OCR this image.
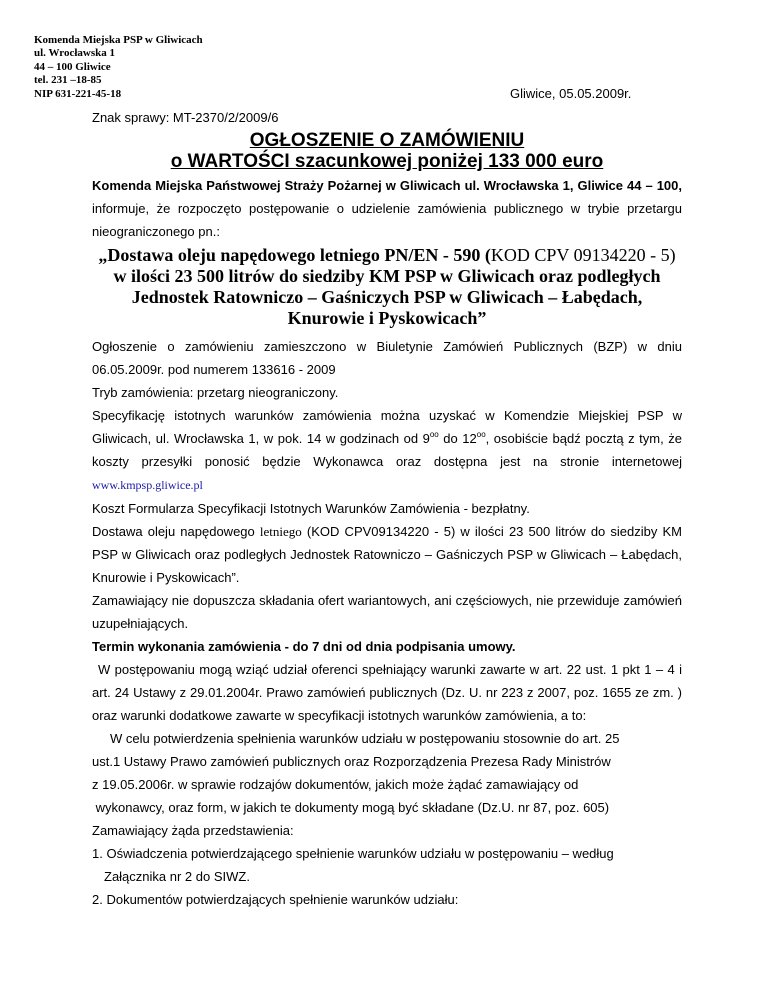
Komenda Miejska PSP w Gliwicach
ul. Wrocławska 1
44 – 100 Gliwice
tel. 231 –18-85
NIP 631-221-45-18	Gliwice, 05.05.2009r.
Znak sprawy: MT-2370/2/2009/6
OGŁOSZENIE O ZAMÓWIENIU
o WARTOŚCI szacunkowej poniżej 133 000 euro

Komenda Miejska Państwowej Straży Pożarnej w Gliwicach ul. Wrocławska 1, Gliwice 44 – 100, informuje, że rozpoczęto postępowanie o udzielenie zamówienia publicznego w trybie przetargu nieograniczonego pn.:

„Dostawa oleju napędowego letniego PN/EN - 590 (KOD CPV 09134220 - 5) w ilości 23 500 litrów do siedziby KM PSP w Gliwicach oraz podległych Jednostek Ratowniczo – Gaśniczych PSP w Gliwicach – Łabędach, Knurowie i Pyskowicach”

Ogłoszenie o zamówieniu zamieszczono w Biuletynie Zamówień Publicznych (BZP) w dniu 06.05.2009r. pod numerem 133616 - 2009

Tryb zamówienia: przetarg nieograniczony.

Specyfikację istotnych warunków zamówienia można uzyskać w Komendzie Miejskiej PSP w Gliwicach, ul. Wrocławska 1, w pok. 14 w godzinach od $9^{oo}$ do $12^{oo}$, osobiście bądź pocztą z tym, że koszty przesyłki ponosić będzie Wykonawca oraz dostępna jest na stronie internetowej www.kmpsp.gliwice.pl

Koszt Formularza Specyfikacji Istotnych Warunków Zamówienia - bezpłatny.

Dostawa oleju napędowego letniego (KOD CPV09134220 - 5) w ilości 23 500 litrów do siedziby KM PSP w Gliwicach oraz podległych Jednostek Ratowniczo – Gaśniczych PSP w Gliwicach – Łabędach, Knurowie i Pyskowicach”.

Zamawiający nie dopuszcza składania ofert wariantowych, ani częściowych, nie przewiduje zamówień uzupełniających.

Termin wykonania zamówienia - do 7 dni od dnia podpisania umowy.

W postępowaniu mogą wziąć udział oferenci spełniający warunki zawarte w art. 22 ust. 1 pkt 1 – 4 i art. 24 Ustawy z 29.01.2004r. Prawo zamówień publicznych (Dz. U. nr 223 z 2007, poz. 1655 ze zm. ) oraz warunki dodatkowe zawarte w specyfikacji istotnych warunków zamówienia, a to:

W celu potwierdzenia spełnienia warunków udziału w postępowaniu stosownie do art. 25
ust.1 Ustawy Prawo zamówień publicznych oraz Rozporządzenia Prezesa Rady Ministrów
z 19.05.2006r. w sprawie rodzajów dokumentów, jakich może żądać zamawiający od
wykonawcy, oraz form, w jakich te dokumenty mogą być składane (Dz.U. nr 87, poz. 605)

Zamawiający żąda przedstawienia:

1. Oświadczenia potwierdzającego spełnienie warunków udziału w postępowaniu – według
Załącznika nr 2 do SIWZ.
2. Dokumentów potwierdzających spełnienie warunków udziału:
